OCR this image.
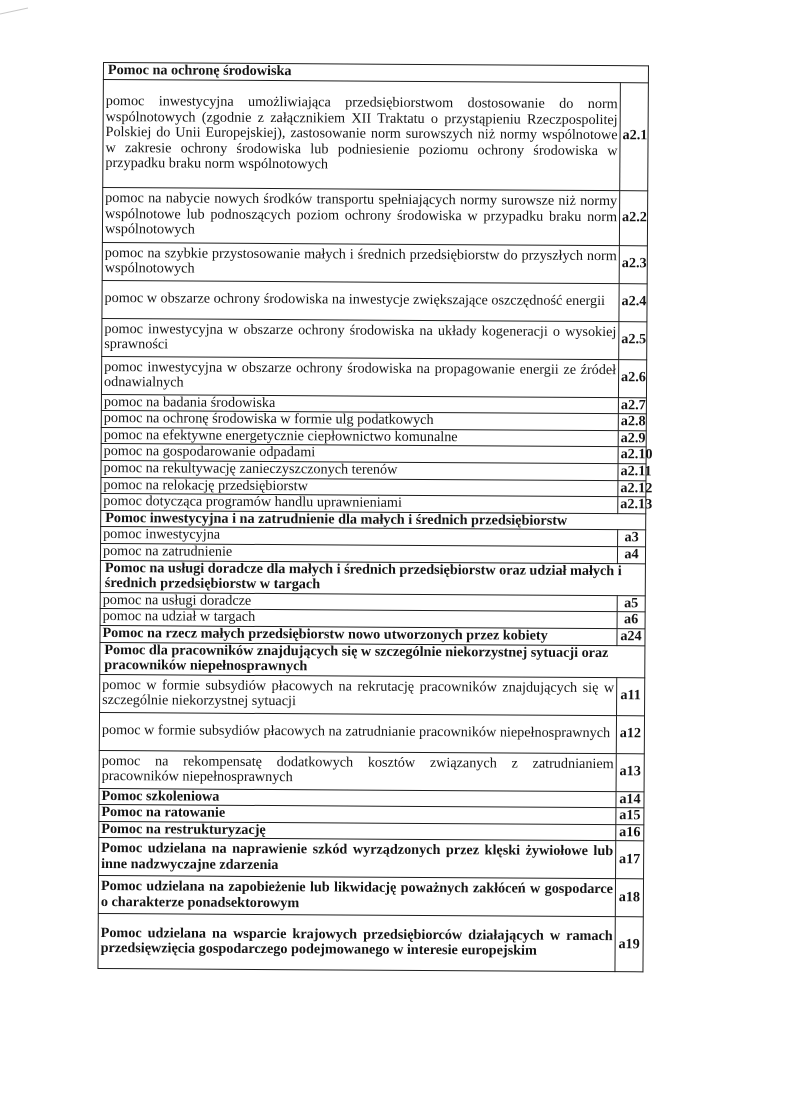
Pomoc na ochronę środowiska	
pomoc inwestycyjna umożliwiająca przedsiębiorstwom dostosowanie do norm wspólnotowych (zgodnie z załącznikiem XII Traktatu o przystąpieniu Rzeczpospolitej Polskiej do Unii Europejskiej), zastosowanie norm surowszych niż normy wspólnotowe w zakresie ochrony środowiska lub podniesienie poziomu ochrony środowiska w przypadku braku norm wspólnotowych	a2.1
pomoc na nabycie nowych środków transportu spełniających normy surowsze niż normy wspólnotowe lub podnoszących poziom ochrony środowiska w przypadku braku norm wspólnotowych	a2.2
pomoc na szybkie przystosowanie małych i średnich przedsiębiorstw do przyszłych norm wspólnotowych	a2.3
pomoc w obszarze ochrony środowiska na inwestycje zwiększające oszczędność energii	a2.4
pomoc inwestycyjna w obszarze ochrony środowiska na układy kogeneracji o wysokiej sprawności	a2.5
pomoc inwestycyjna w obszarze ochrony środowiska na propagowanie energii ze źródeł odnawialnych	a2.6
pomoc na badania środowiska	a2.7
pomoc na ochronę środowiska w formie ulg podatkowych	a2.8
pomoc na efektywne energetycznie ciepłownictwo komunalne	a2.9
pomoc na gospodarowanie odpadami	a2.10
pomoc na rekultywację zanieczyszczonych terenów	a2.11
pomoc na relokację przedsiębiorstw	a2.12
pomoc dotycząca programów handlu uprawnieniami	a2.13
Pomoc inwestycyjna i na zatrudnienie dla małych i średnich przedsiębiorstw	
pomoc inwestycyjna	a3
pomoc na zatrudnienie	a4
Pomoc na usługi doradcze dla małych i średnich przedsiębiorstw oraz udział małych i średnich przedsiębiorstw w targach	
pomoc na usługi doradcze	a5
pomoc na udział w targach	a6
Pomoc na rzecz małych przedsiębiorstw nowo utworzonych przez kobiety	a24
Pomoc dla pracowników znajdujących się w szczególnie niekorzystnej sytuacji oraz pracowników niepełnosprawnych	
pomoc w formie subsydiów płacowych na rekrutację pracowników znajdujących się w szczególnie niekorzystnej sytuacji	a11
pomoc w formie subsydiów płacowych na zatrudnianie pracowników niepełnosprawnych	a12
pomoc na rekompensatę dodatkowych kosztów związanych z zatrudnianiem pracowników niepełnosprawnych	a13
Pomoc szkoleniowa	a14
Pomoc na ratowanie	a15
Pomoc na restrukturyzację	a16
Pomoc udzielana na naprawienie szkód wyrządzonych przez klęski żywiołowe lub inne nadzwyczajne zdarzenia	a17
Pomoc udzielana na zapobieżenie lub likwidację poważnych zakłóceń w gospodarce o charakterze ponadsektorowym	a18
Pomoc udzielana na wsparcie krajowych przedsiębiorców działających w ramach przedsięwzięcia gospodarczego podejmowanego w interesie europejskim	a19
